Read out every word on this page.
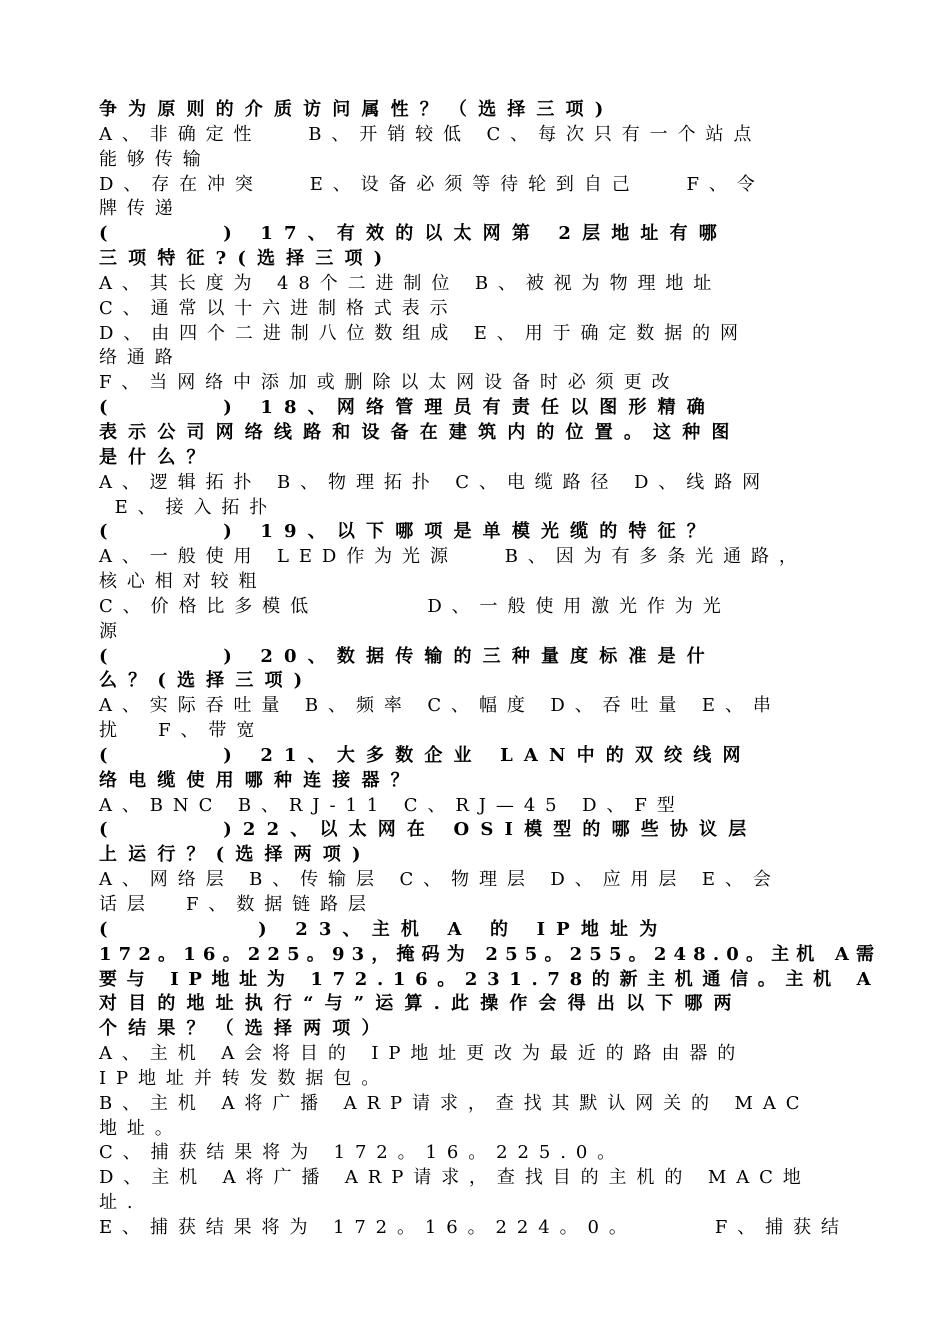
争为原则的介质访问属性？（选择三项)
A、非确定性   B、开销较低 C、每次只有一个站点
能够传输
D、存在冲突   E、设备必须等待轮到自己   F、令
牌传递
(      ) 17、有效的以太网第 2层地址有哪
三项特征?(选择三项)
A、其长度为 48个二进制位 B、被视为物理地址
C、通常以十六进制格式表示
D、由四个二进制八位数组成 E、用于确定数据的网
络通路
F、当网络中添加或删除以太网设备时必须更改
(      ) 18、网络管理员有责任以图形精确
表示公司网络线路和设备在建筑内的位置。这种图
是什么？
A、逻辑拓扑 B、物理拓扑 C、电缆路径 D、线路网
E、接入拓扑
(      ) 19、以下哪项是单模光缆的特征？
A、一般使用 LED作为光源   B、因为有多条光通路，
核心相对较粗
C、价格比多模低       D、一般使用激光作为光
源
(      ) 20、数据传输的三种量度标准是什
么？(选择三项)
A、实际吞吐量 B、频率 C、幅度 D、吞吐量 E、串
扰  F、带宽
(      ) 21、大多数企业 LAN中的双绞线网
络电缆使用哪种连接器？
A、BNC B、RJ-11 C、RJ—45 D、F型
(      )22、以太网在 OSI模型的哪些协议层
上运行？(选择两项)
A、网络层 B、传输层 C、物理层 D、应用层 E、会
话层  F、数据链路层
(        ) 23、主机 A 的 IP地址为
172。16。225。93，掩码为 255。255。248.0。主机 A需
要与 IP地址为 172.16。231.78的新主机通信。主机 A
对目的地址执行“与”运算.此操作会得出以下哪两
个结果？（选择两项）
A、主机 A会将目的 IP地址更改为最近的路由器的
IP地址并转发数据包。
B、主机 A将广播 ARP请求，查找其默认网关的 MAC
地址。
C、捕获结果将为 172。16。225.0。
D、主机 A将广播 ARP请求，查找目的主机的 MAC地
址.
E、捕获结果将为 172。16。224。0。     F、捕获结
